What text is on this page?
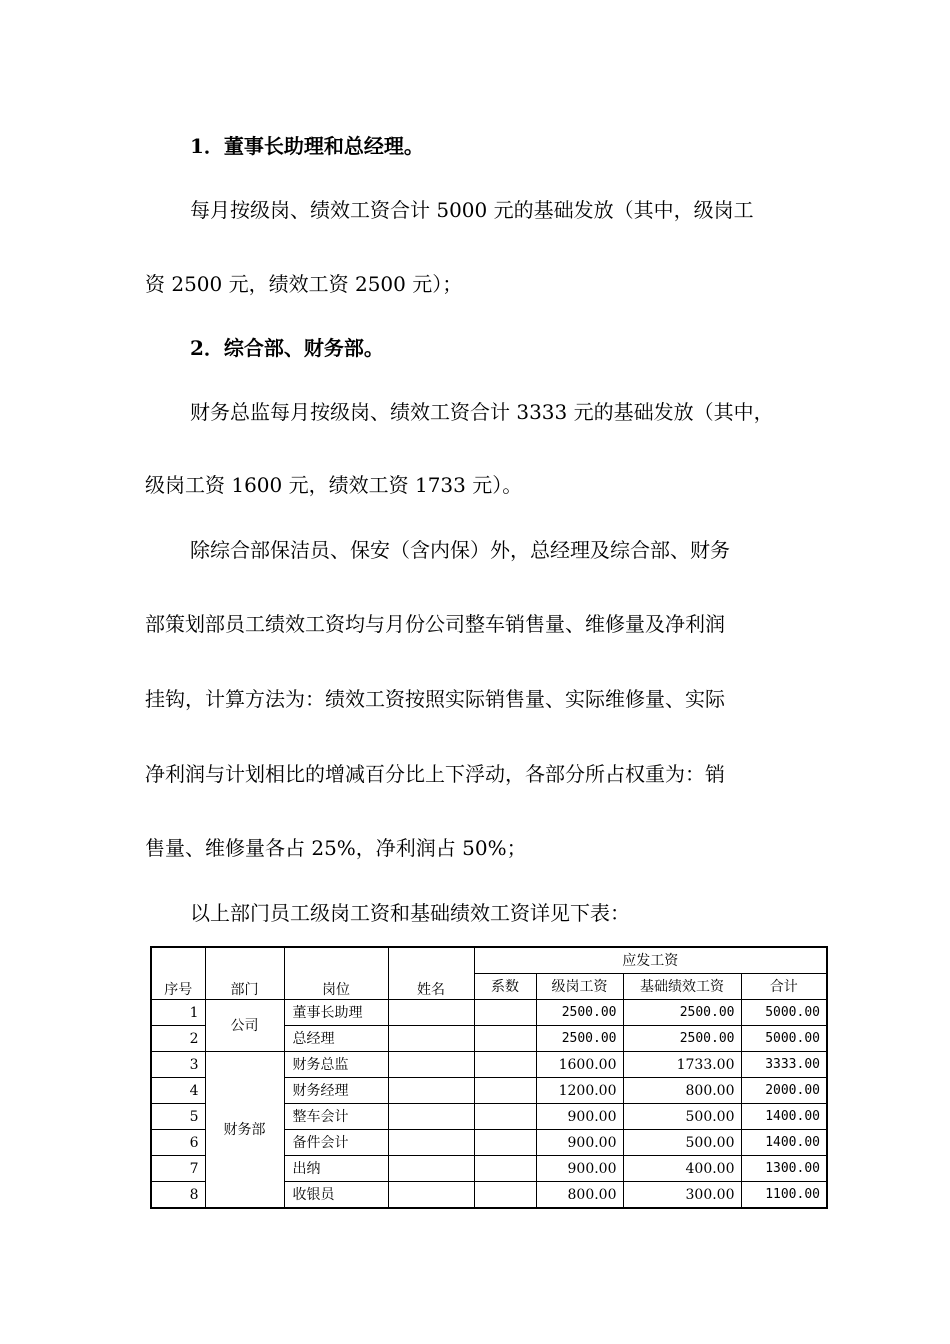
1．董事长助理和总经理。
每月按级岗、绩效工资合计 5000 元的基础发放（其中，级岗工
资 2500 元，绩效工资 2500 元）；
2．综合部、财务部。
财务总监每月按级岗、绩效工资合计 3333 元的基础发放（其中，
级岗工资 1600 元，绩效工资 1733 元）。
除综合部保洁员、保安（含内保）外，总经理及综合部、财务
部策划部员工绩效工资均与月份公司整车销售量、维修量及净利润
挂钩，计算方法为：绩效工资按照实际销售量、实际维修量、实际
净利润与计划相比的增减百分比上下浮动，各部分所占权重为：销
售量、维修量各占 25%，净利润占 50%；
以上部门员工级岗工资和基础绩效工资详见下表：
序号	部门	岗位	姓名	应发工资			
				系数	级岗工资	基础绩效工资	合计
1	公司	董事长助理			2500.00	2500.00	5000.00
2		总经理			2500.00	2500.00	5000.00
3	财务部	财务总监			1600.00	1733.00	3333.00
4		财务经理			1200.00	800.00	2000.00
5		整车会计			900.00	500.00	1400.00
6		备件会计			900.00	500.00	1400.00
7		出纳			900.00	400.00	1300.00
8		收银员			800.00	300.00	1100.00
